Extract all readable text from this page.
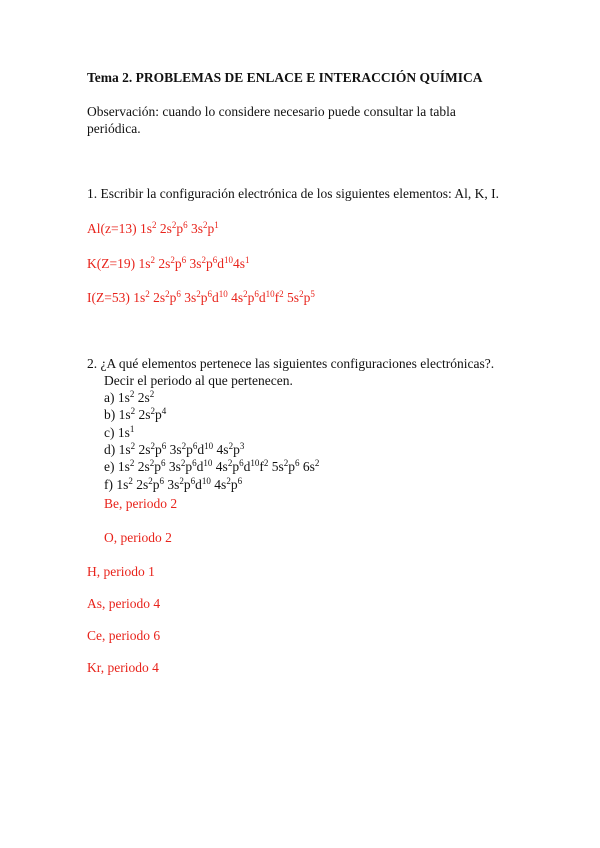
Tema 2. PROBLEMAS DE ENLACE E INTERACCIÓN QUÍMICA
Observación: cuando lo considere necesario puede consultar la tabla
periódica.
1. Escribir la configuración electrónica de los siguientes elementos: Al, K, I.
Al(z=13) $1s^2$ $2s^2p^6$ $3s^2p^1$
K(Z=19) $1s^2$ $2s^2p^6$ $3s^2p^6d^{10}4s^1$
I(Z=53) $1s^2$ $2s^2p^6$ $3s^2p^6d^{10}$ $4s^2p^6d^{10}f^2$ $5s^2p^5$
2. ¿A qué elementos pertenece las siguientes configuraciones electrónicas?.
Decir el periodo al que pertenecen.
a) $1s^2$ $2s^2$
b) $1s^2$ $2s^2p^4$
c) $1s^1$
d) $1s^2$ $2s^2p^6$ $3s^2p^6d^{10}$ $4s^2p^3$
e) $1s^2$ $2s^2p^6$ $3s^2p^6d^{10}$ $4s^2p^6d^{10}f^2$ $5s^2p^6$ $6s^2$
f) $1s^2$ $2s^2p^6$ $3s^2p^6d^{10}$ $4s^2p^6$
Be, periodo 2
O, periodo 2
H, periodo 1
As, periodo 4
Ce, periodo 6
Kr, periodo 4
